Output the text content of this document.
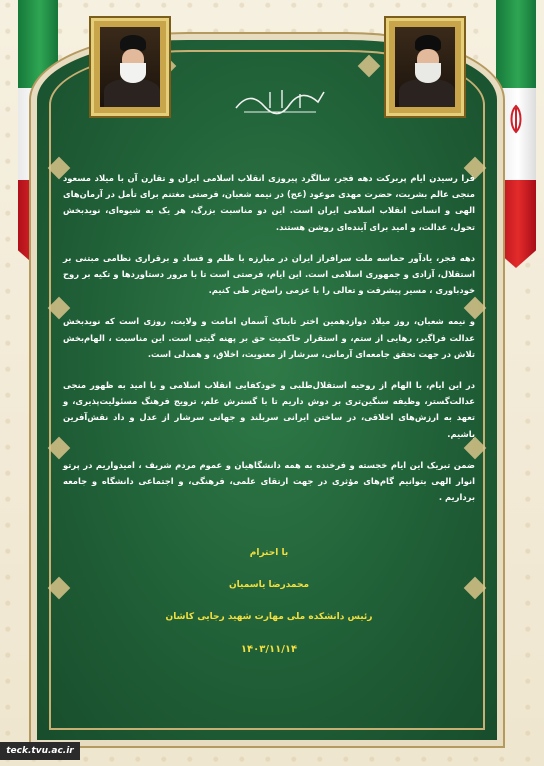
فرا رسیدن ایام پربرکت دهه فجر، سالگرد پیروزی انقلاب اسلامی ایران و تقارن آن با میلاد مسعود منجی عالم بشریت، حضرت مهدی موعود (عج) در نیمه شعبان، فرصتی مغتنم برای تأمل در آرمان‌های الهی و انسانی انقلاب اسلامی ایران است. این دو مناسبت بزرگ، هر یک به شیوه‌ای، نویدبخش تحول، عدالت، و امید برای آینده‌ای روشن هستند.

دهه فجر، یادآور حماسه ملت سرافراز ایران در مبارزه با ظلم و فساد و برقراری نظامی مبتنی بر استقلال، آزادی و جمهوری اسلامی است. این ایام، فرصتی است تا با مرور دستاوردها و تکیه بر روح خودباوری ، مسیر پیشرفت و تعالی را با عزمی راسخ‌تر طی کنیم.

و نیمه شعبان، روز میلاد دوازدهمین اختر تابناک آسمان امامت و ولایت، روزی است که نویدبخش عدالت فراگیر، رهایی از ستم، و استقرار حاکمیت حق بر پهنه گیتی است. این مناسبت ، الهام‌بخش تلاش در جهت تحقق جامعه‌ای آرمانی، سرشار از معنویت، اخلاق، و همدلی است.

در این ایام، با الهام از روحیه استقلال‌طلبی و خودکفایی انقلاب اسلامی و با امید به ظهور منجی عدالت‌گستر، وظیفه سنگین‌تری بر دوش داریم تا با گسترش علم، ترویج فرهنگ مسئولیت‌پذیری، و تعهد به ارزش‌های اخلاقی، در ساختن ایرانی سربلند و جهانی سرشار از عدل و داد نقش‌آفرین باشیم.

ضمن تبریک این ایام خجسته و فرخنده به همه دانشگاهیان و عموم مردم شریف ، امیدواریم در پرتو انوار الهی بتوانیم گام‌های مؤثری در جهت ارتقای علمی، فرهنگی، و اجتماعی دانشگاه و جامعه برداریم .

با احترام
محمدرضا یاسمیان
رئیس دانشکده ملی مهارت شهید رجایی کاشان
۱۴۰۳/۱۱/۱۴
teck.tvu.ac.ir
